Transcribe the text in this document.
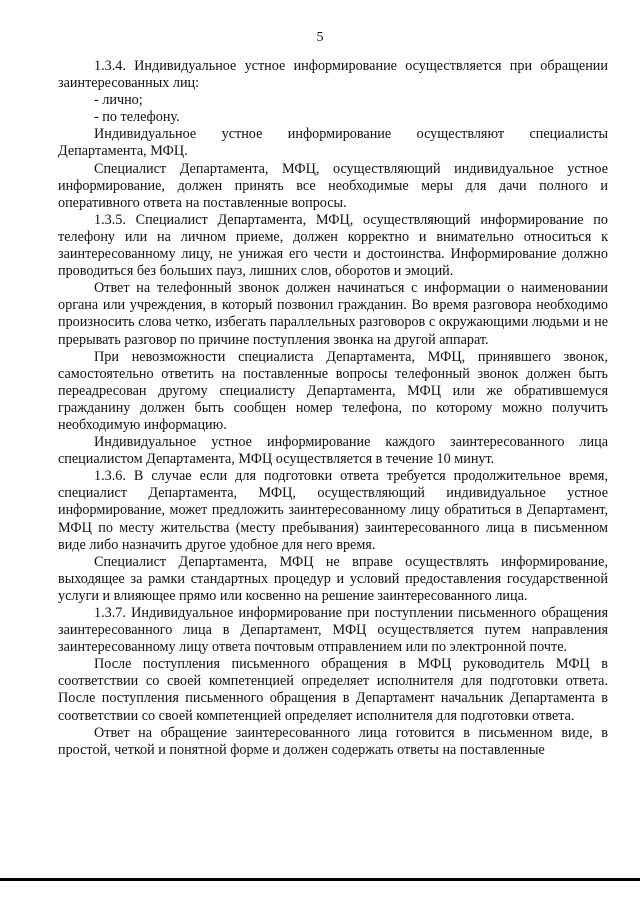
5

1.3.4. Индивидуальное устное информирование осуществляется при обращении заинтересованных лиц:

- лично;

- по телефону.

Индивидуальное устное информирование осуществляют специалисты Департамента, МФЦ.

Специалист Департамента, МФЦ, осуществляющий индивидуальное устное информирование, должен принять все необходимые меры для дачи полного и оперативного ответа на поставленные вопросы.

1.3.5. Специалист Департамента, МФЦ, осуществляющий информирование по телефону или на личном приеме, должен корректно и внимательно относиться к заинтересованному лицу, не унижая его чести и достоинства. Информирование должно проводиться без больших пауз, лишних слов, оборотов и эмоций.

Ответ на телефонный звонок должен начинаться с информации о наименовании органа или учреждения, в который позвонил гражданин. Во время разговора необходимо произносить слова четко, избегать параллельных разговоров с окружающими людьми и не прерывать разговор по причине поступления звонка на другой аппарат.

При невозможности специалиста Департамента, МФЦ, принявшего звонок, самостоятельно ответить на поставленные вопросы телефонный звонок должен быть переадресован другому специалисту Департамента, МФЦ или же обратившемуся гражданину должен быть сообщен номер телефона, по которому можно получить необходимую информацию.

Индивидуальное устное информирование каждого заинтересованного лица специалистом Департамента, МФЦ осуществляется в течение 10 минут.

1.3.6. В случае если для подготовки ответа требуется продолжительное время, специалист Департамента, МФЦ, осуществляющий индивидуальное устное информирование, может предложить заинтересованному лицу обратиться в Департамент, МФЦ по месту жительства (месту пребывания) заинтересованного лица в письменном виде либо назначить другое удобное для него время.

Специалист Департамента, МФЦ не вправе осуществлять информирование, выходящее за рамки стандартных процедур и условий предоставления государственной услуги и влияющее прямо или косвенно на решение заинтересованного лица.

1.3.7. Индивидуальное информирование при поступлении письменного обращения заинтересованного лица в Департамент, МФЦ осуществляется путем направления заинтересованному лицу ответа почтовым отправлением или по электронной почте.

После поступления письменного обращения в МФЦ руководитель МФЦ в соответствии со своей компетенцией определяет исполнителя для подготовки ответа. После поступления письменного обращения в Департамент начальник Департамента в соответствии со своей компетенцией определяет исполнителя для подготовки ответа.

Ответ на обращение заинтересованного лица готовится в письменном виде, в простой, четкой и понятной форме и должен содержать ответы на поставленные
